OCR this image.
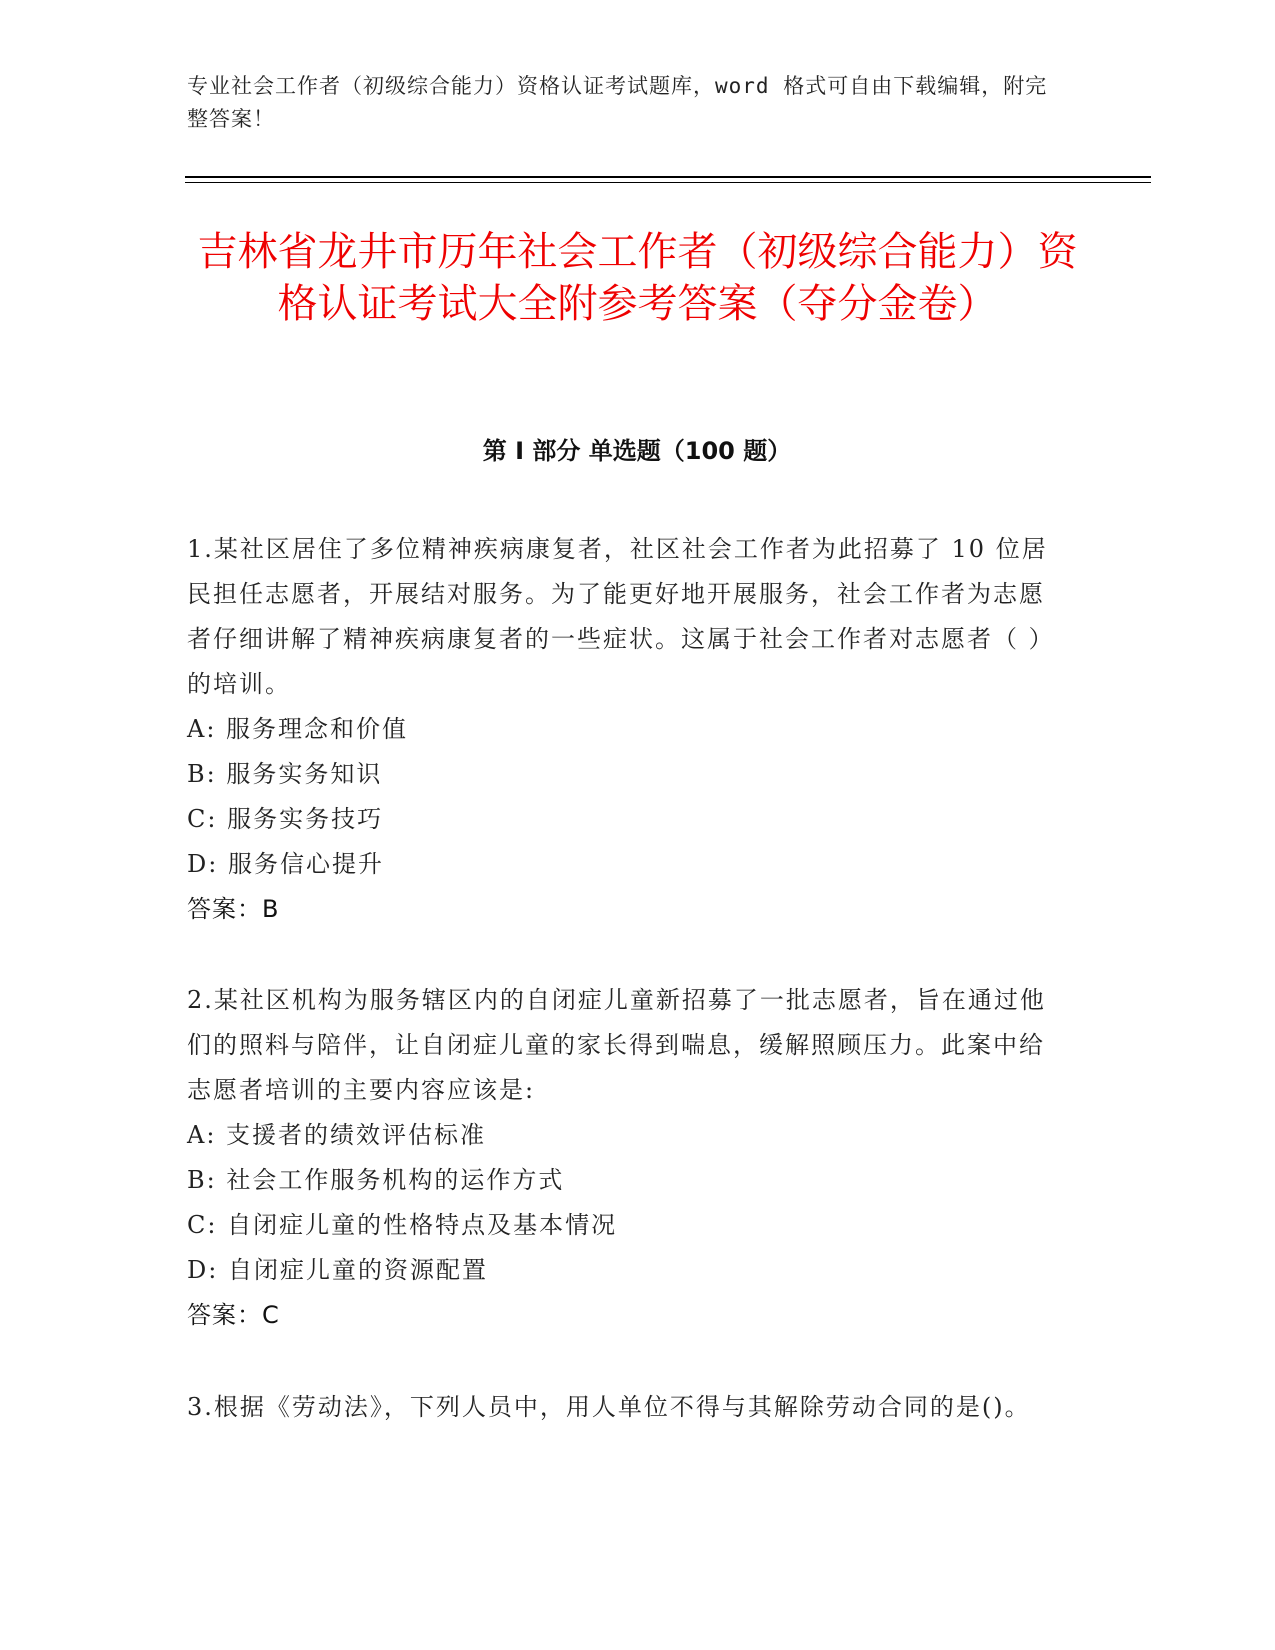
专业社会工作者（初级综合能力）资格认证考试题库，word 格式可自由下载编辑，附完整答案！
吉林省龙井市历年社会工作者（初级综合能力）资格认证考试大全附参考答案（夺分金卷）
第 I 部分 单选题（100 题）

1.某社区居住了多位精神疾病康复者，社区社会工作者为此招募了 10 位居民担任志愿者，开展结对服务。为了能更好地开展服务，社会工作者为志愿者仔细讲解了精神疾病康复者的一些症状。这属于社会工作者对志愿者（ ）的培训。

A: 服务理念和价值
B: 服务实务知识
C: 服务实务技巧
D: 服务信心提升

答案：B

2.某社区机构为服务辖区内的自闭症儿童新招募了一批志愿者，旨在通过他们的照料与陪伴，让自闭症儿童的家长得到喘息，缓解照顾压力。此案中给志愿者培训的主要内容应该是:

A: 支援者的绩效评估标准
B: 社会工作服务机构的运作方式
C: 自闭症儿童的性格特点及基本情况
D: 自闭症儿童的资源配置

答案：C

3.根据《劳动法》，下列人员中，用人单位不得与其解除劳动合同的是()。
